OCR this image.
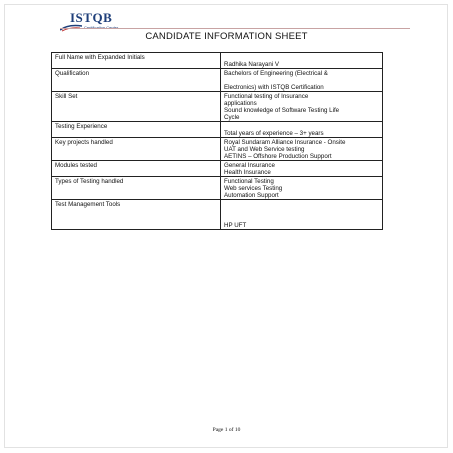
ISTQB
Certification Center
CANDIDATE INFORMATION SHEET
Full Name with Expanded Initials	Radhika Narayani V

Qualification	Bachelors of Engineering (Electrical &

Electronics) with ISTQB Certification

Skill Set	Functional testing of Insurance
applications
Sound knowledge of Software Testing Life
Cycle

Testing Experience	Total years of experience – 3+ years

Key projects handled	Royal Sundaram Alliance Insurance - Onsite
UAT and Web Service testing
AETINS – Offshore Production Support

Modules tested	General Insurance
Health Insurance

Types of Testing handled	Functional Testing
Web services Testing
Automation Support

Test Management Tools	HP UFT
Page 1 of 10
